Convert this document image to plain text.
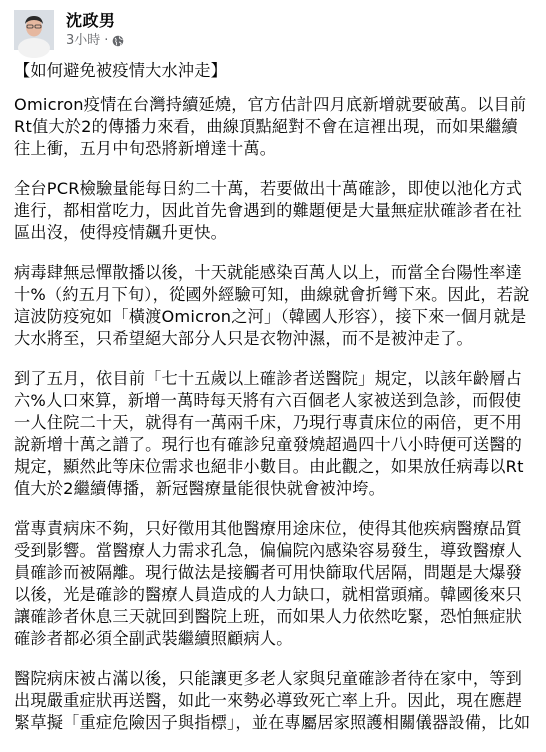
沈政男
3小時 ·

【如何避免被疫情大水沖走】

Omicron疫情在台灣持續延燒，官方估計四月底新增就要破萬。以目前Rt值大於2的傳播力來看，曲線頂點絕對不會在這裡出現，而如果繼續往上衝，五月中旬恐將新增達十萬。

全台PCR檢驗量能每日約二十萬，若要做出十萬確診，即使以池化方式進行，都相當吃力，因此首先會遇到的難題便是大量無症狀確診者在社區出沒，使得疫情飆升更快。

病毒肆無忌憚散播以後，十天就能感染百萬人以上，而當全台陽性率達十%（約五月下旬），從國外經驗可知，曲線就會折彎下來。因此，若說這波防疫宛如「橫渡Omicron之河」（韓國人形容），接下來一個月就是大水將至，只希望絕大部分人只是衣物沖濕，而不是被沖走了。

到了五月，依目前「七十五歲以上確診者送醫院」規定，以該年齡層占六%人口來算，新增一萬時每天將有六百個老人家被送到急診，而假使一人住院二十天，就得有一萬兩千床，乃現行專責床位的兩倍，更不用說新增十萬之譜了。現行也有確診兒童發燒超過四十八小時便可送醫的規定，顯然此等床位需求也絕非小數目。由此觀之，如果放任病毒以Rt值大於2繼續傳播，新冠醫療量能很快就會被沖垮。

當專責病床不夠，只好徵用其他醫療用途床位，使得其他疾病醫療品質受到影響。當醫療人力需求孔急，偏偏院內感染容易發生，導致醫療人員確診而被隔離。現行做法是接觸者可用快篩取代居隔，問題是大爆發以後，光是確診的醫療人員造成的人力缺口，就相當頭痛。韓國後來只讓確診者休息三天就回到醫院上班，而如果人力依然吃緊，恐怕無症狀確診者都必須全副武裝繼續照顧病人。

醫院病床被占滿以後，只能讓更多老人家與兒童確診者待在家中，等到出現嚴重症狀再送醫，如此一來勢必導致死亡率上升。因此，現在應趕緊草擬「重症危險因子與指標」，並在專屬居家照護相關儀器設備，比如
